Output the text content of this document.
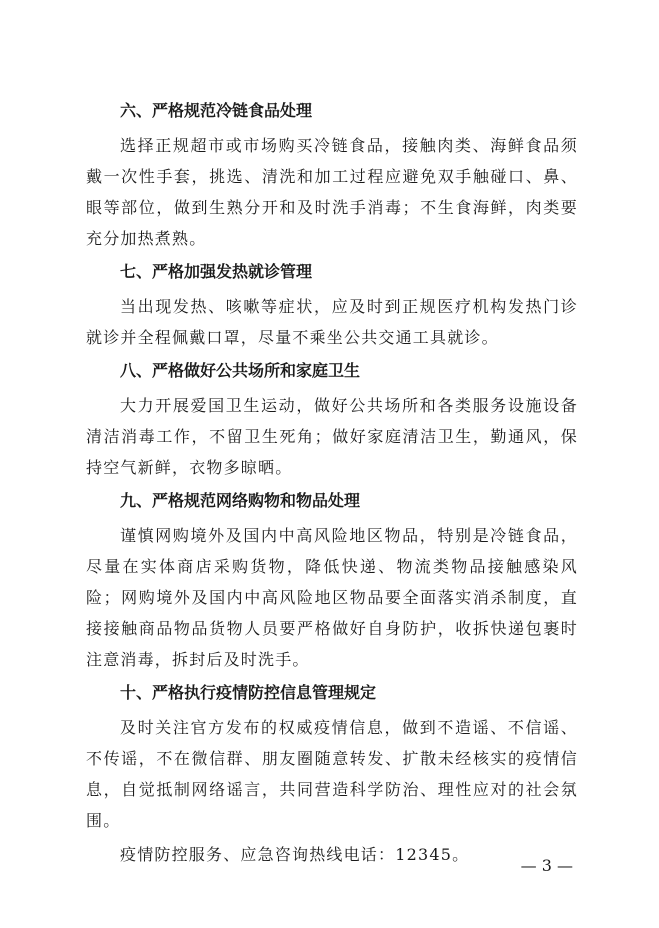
六、严格规范冷链食品处理

选择正规超市或市场购买冷链食品，接触肉类、海鲜食品须戴一次性手套，挑选、清洗和加工过程应避免双手触碰口、鼻、眼等部位，做到生熟分开和及时洗手消毒；不生食海鲜，肉类要充分加热煮熟。

七、严格加强发热就诊管理

当出现发热、咳嗽等症状，应及时到正规医疗机构发热门诊就诊并全程佩戴口罩，尽量不乘坐公共交通工具就诊。

八、严格做好公共场所和家庭卫生

大力开展爱国卫生运动，做好公共场所和各类服务设施设备清洁消毒工作，不留卫生死角；做好家庭清洁卫生，勤通风，保持空气新鲜，衣物多晾晒。

九、严格规范网络购物和物品处理

谨慎网购境外及国内中高风险地区物品，特别是冷链食品，尽量在实体商店采购货物，降低快递、物流类物品接触感染风险；网购境外及国内中高风险地区物品要全面落实消杀制度，直接接触商品物品货物人员要严格做好自身防护，收拆快递包裹时注意消毒，拆封后及时洗手。

十、严格执行疫情防控信息管理规定

及时关注官方发布的权威疫情信息，做到不造谣、不信谣、不传谣，不在微信群、朋友圈随意转发、扩散未经核实的疫情信息，自觉抵制网络谣言，共同营造科学防治、理性应对的社会氛围。

疫情防控服务、应急咨询热线电话：12345。

— 3 —
